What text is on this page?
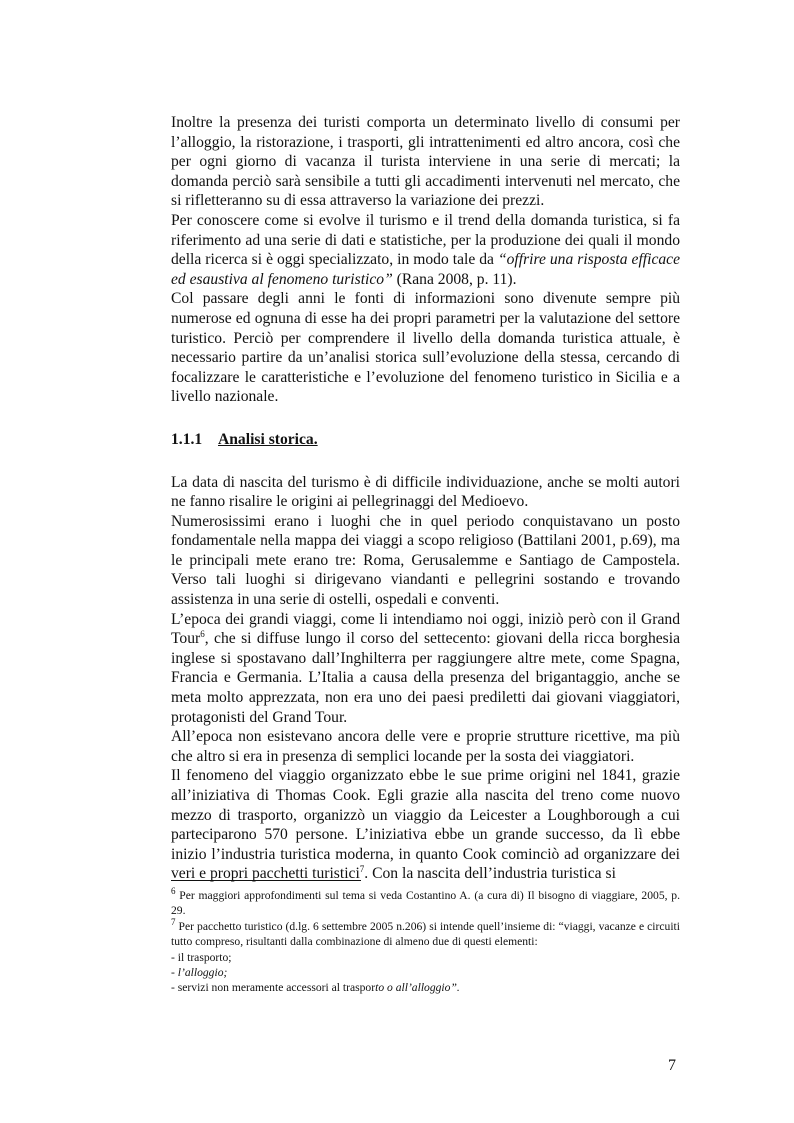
Inoltre la presenza dei turisti comporta un determinato livello di consumi per l’alloggio, la ristorazione, i trasporti, gli intrattenimenti ed altro ancora, così che per ogni giorno di vacanza il turista interviene in una serie di mercati; la domanda perciò sarà sensibile a tutti gli accadimenti intervenuti nel mercato, che si rifletteranno su di essa attraverso la variazione dei prezzi.

Per conoscere come si evolve il turismo e il trend della domanda turistica, si fa riferimento ad una serie di dati e statistiche, per la produzione dei quali il mondo della ricerca si è oggi specializzato, in modo tale da “offrire una risposta efficace ed esaustiva al fenomeno turistico” (Rana 2008, p. 11).

Col passare degli anni le fonti di informazioni sono divenute sempre più numerose ed ognuna di esse ha dei propri parametri per la valutazione del settore turistico. Perciò per comprendere il livello della domanda turistica attuale, è necessario partire da un’analisi storica sull’evoluzione della stessa, cercando di focalizzare le caratteristiche e l’evoluzione del fenomeno turistico in Sicilia e a livello nazionale.

1.1.1 Analisi storica.

La data di nascita del turismo è di difficile individuazione, anche se molti autori ne fanno risalire le origini ai pellegrinaggi del Medioevo.

Numerosissimi erano i luoghi che in quel periodo conquistavano un posto fondamentale nella mappa dei viaggi a scopo religioso (Battilani 2001, p.69), ma le principali mete erano tre: Roma, Gerusalemme e Santiago de Campostela. Verso tali luoghi si dirigevano viandanti e pellegrini sostando e trovando assistenza in una serie di ostelli, ospedali e conventi.

L’epoca dei grandi viaggi, come li intendiamo noi oggi, iniziò però con il Grand Tour$^6$, che si diffuse lungo il corso del settecento: giovani della ricca borghesia inglese si spostavano dall’Inghilterra per raggiungere altre mete, come Spagna, Francia e Germania. L’Italia a causa della presenza del brigantaggio, anche se meta molto apprezzata, non era uno dei paesi prediletti dai giovani viaggiatori, protagonisti del Grand Tour.

All’epoca non esistevano ancora delle vere e proprie strutture ricettive, ma più che altro si era in presenza di semplici locande per la sosta dei viaggiatori.

Il fenomeno del viaggio organizzato ebbe le sue prime origini nel 1841, grazie all’iniziativa di Thomas Cook. Egli grazie alla nascita del treno come nuovo mezzo di trasporto, organizzò un viaggio da Leicester a Loughborough a cui parteciparono 570 persone. L’iniziativa ebbe un grande successo, da lì ebbe inizio l’industria turistica moderna, in quanto Cook cominciò ad organizzare dei veri e propri pacchetti turistici$^7$. Con la nascita dell’industria turistica si

$^6$ Per maggiori approfondimenti sul tema si veda Costantino A. (a cura di) Il bisogno di viaggiare, 2005, p. 29.

$^7$ Per pacchetto turistico (d.lg. 6 settembre 2005 n.206) si intende quell’insieme di: “viaggi, vacanze e circuiti tutto compreso, risultanti dalla combinazione di almeno due di questi elementi:

- il trasporto;

- l’alloggio;

- servizi non meramente accessori al trasporto o all’alloggio”.

7
